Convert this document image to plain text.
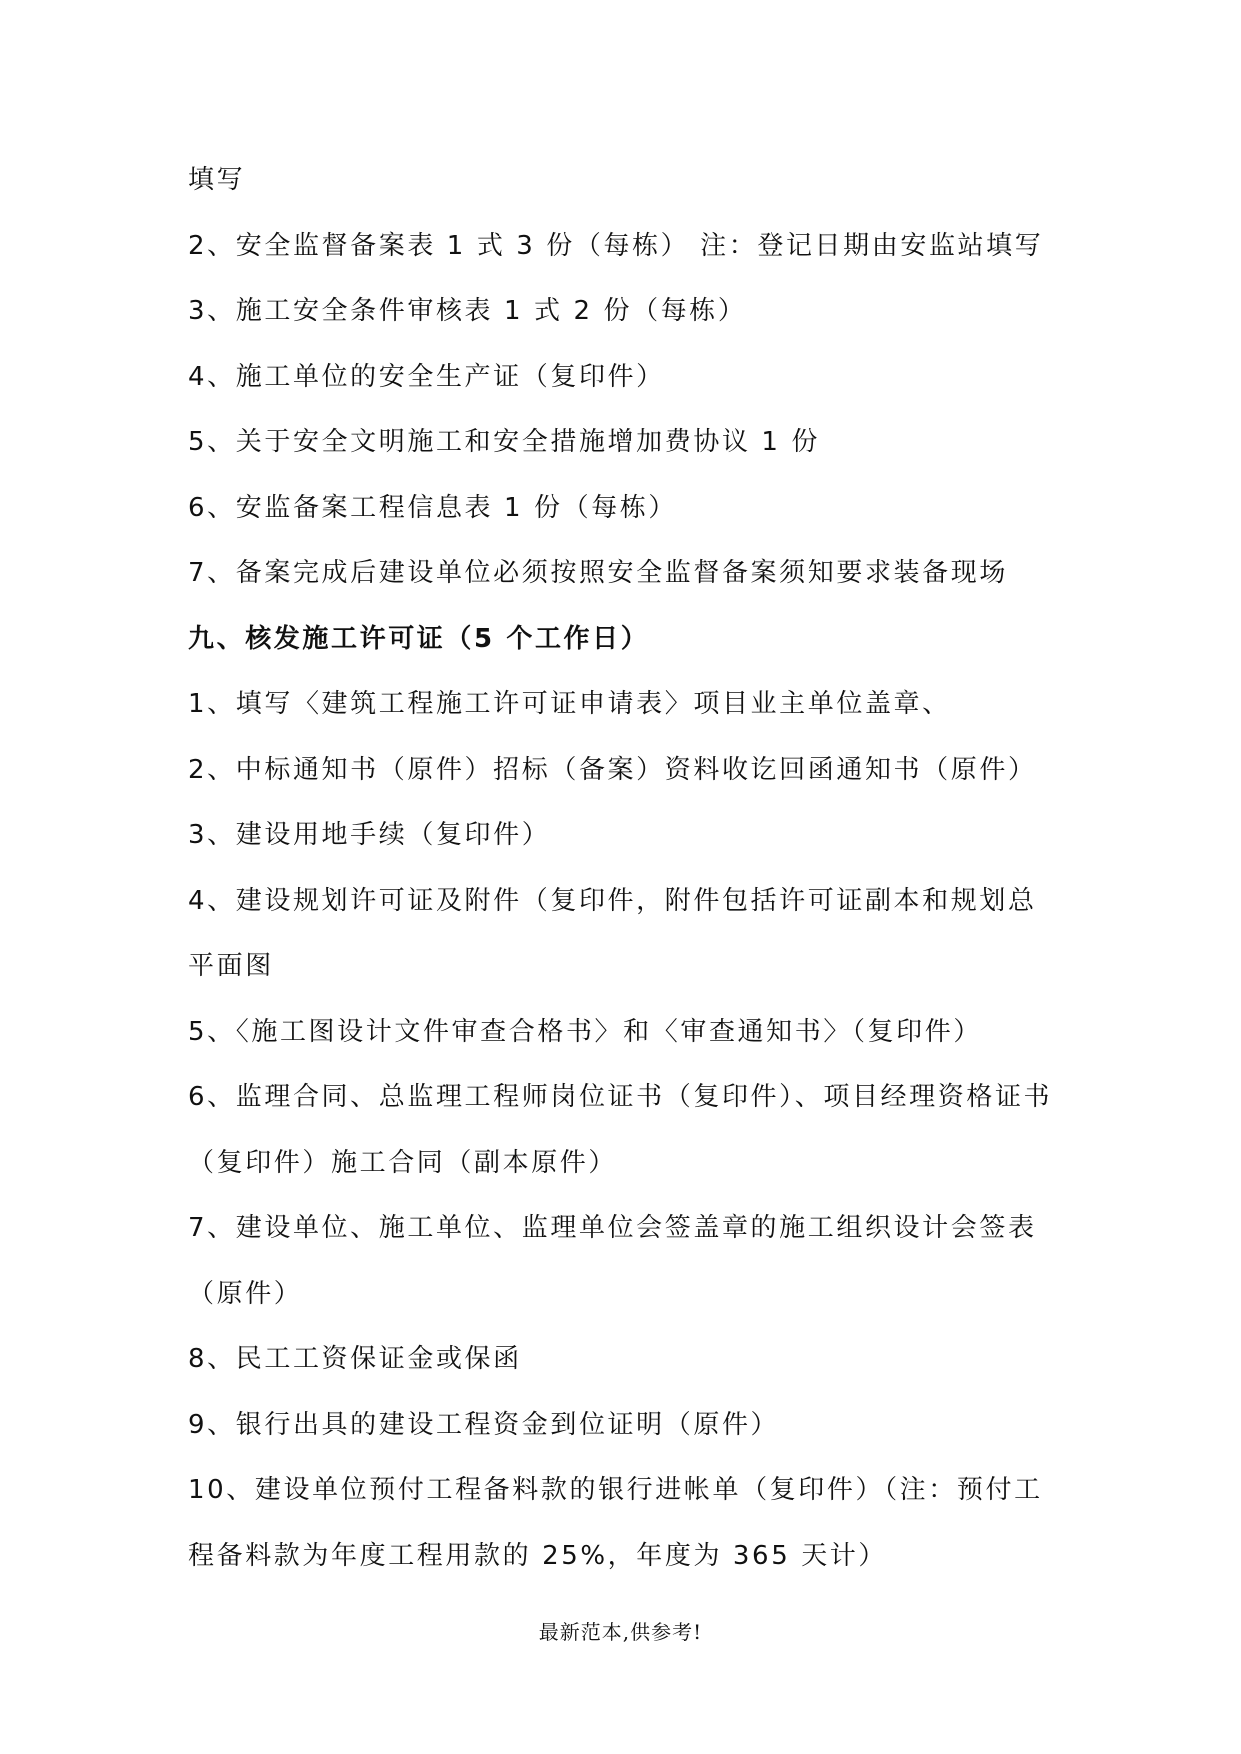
填写
2、安全监督备案表 1 式 3 份（每栋） 注：登记日期由安监站填写
3、施工安全条件审核表 1 式 2 份（每栋）
4、施工单位的安全生产证（复印件）
5、关于安全文明施工和安全措施增加费协议 1 份
6、安监备案工程信息表 1 份（每栋）
7、备案完成后建设单位必须按照安全监督备案须知要求装备现场
九、核发施工许可证（5 个工作日）
1、填写〈建筑工程施工许可证申请表〉项目业主单位盖章、
2、中标通知书（原件）招标（备案）资料收讫回函通知书（原件）
3、建设用地手续（复印件）
4、建设规划许可证及附件（复印件，附件包括许可证副本和规划总
平面图
5、〈施工图设计文件审查合格书〉和〈审查通知书〉（复印件）
6、监理合同、总监理工程师岗位证书（复印件）、项目经理资格证书
（复印件）施工合同（副本原件）
7、建设单位、施工单位、监理单位会签盖章的施工组织设计会签表
（原件）
8、民工工资保证金或保函
9、银行出具的建设工程资金到位证明（原件）
10、建设单位预付工程备料款的银行进帐单（复印件）（注：预付工
程备料款为年度工程用款的 25%，年度为 365 天计）
最新范本,供参考!
